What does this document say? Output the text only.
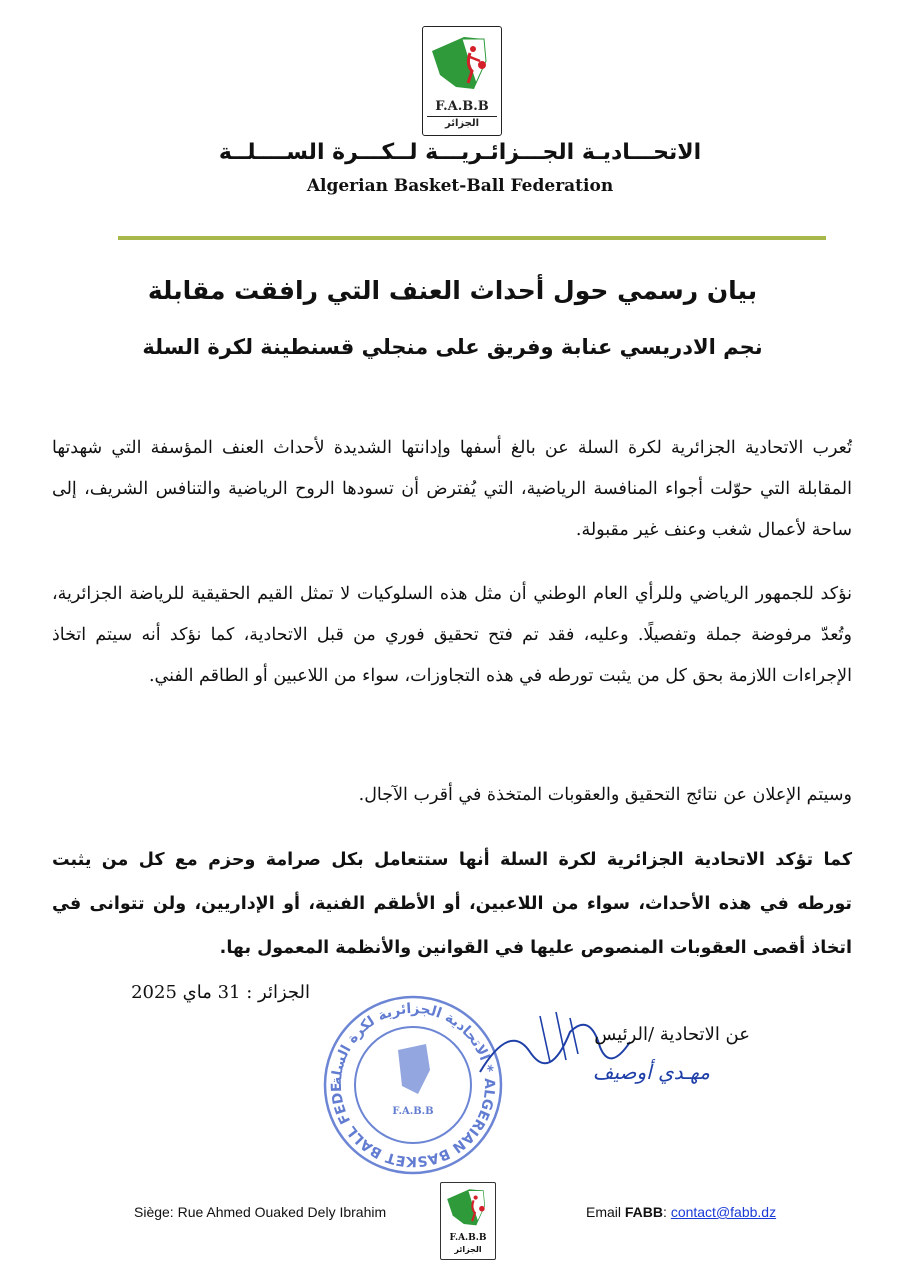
F.A.B.B
الجزائر
الاتحـــاديـة الجـــزائـريـــة لــكـــرة الســــلــة
Algerian Basket-Ball Federation
بيان رسمي حول أحداث العنف التي رافقت مقابلة
نجم الادريسي عنابة وفريق على منجلي قسنطينة لكرة السلة
تُعرب الاتحادية الجزائرية لكرة السلة عن بالغ أسفها وإدانتها الشديدة لأحداث العنف المؤسفة التي شهدتها المقابلة التي حوّلت أجواء المنافسة الرياضية، التي يُفترض أن تسودها الروح الرياضية والتنافس الشريف، إلى ساحة لأعمال شغب وعنف غير مقبولة.
نؤكد للجمهور الرياضي وللرأي العام الوطني أن مثل هذه السلوكيات لا تمثل القيم الحقيقية للرياضة الجزائرية، وتُعدّ مرفوضة جملة وتفصيلًا. وعليه، فقد تم فتح تحقيق فوري من قبل الاتحادية، كما نؤكد أنه سيتم اتخاذ الإجراءات اللازمة بحق كل من يثبت تورطه في هذه التجاوزات، سواء من اللاعبين أو الطاقم الفني.
وسيتم الإعلان عن نتائج التحقيق والعقوبات المتخذة في أقرب الآجال.
كما تؤكد الاتحادية الجزائرية لكرة السلة أنها ستتعامل بكل صرامة وحزم مع كل من يثبت تورطه في هذه الأحداث، سواء من اللاعبين، أو الأطقم الفنية، أو الإداريين، ولن تتوانى في اتخاذ أقصى العقوبات المنصوص عليها في القوانين والأنظمة المعمول بها.
الجزائر : 31 ماي 2025
الاتحادية الجزائرية لكرة السلة * ALGERIAN BASKET BALL FEDE
F.A.B.B
عن الاتحادية /الرئيس
مهـدي أوصيف
Siège: Rue Ahmed Ouaked Dely Ibrahim
F.A.B.B
الجزائر
Email FABB: contact@fabb.dz
